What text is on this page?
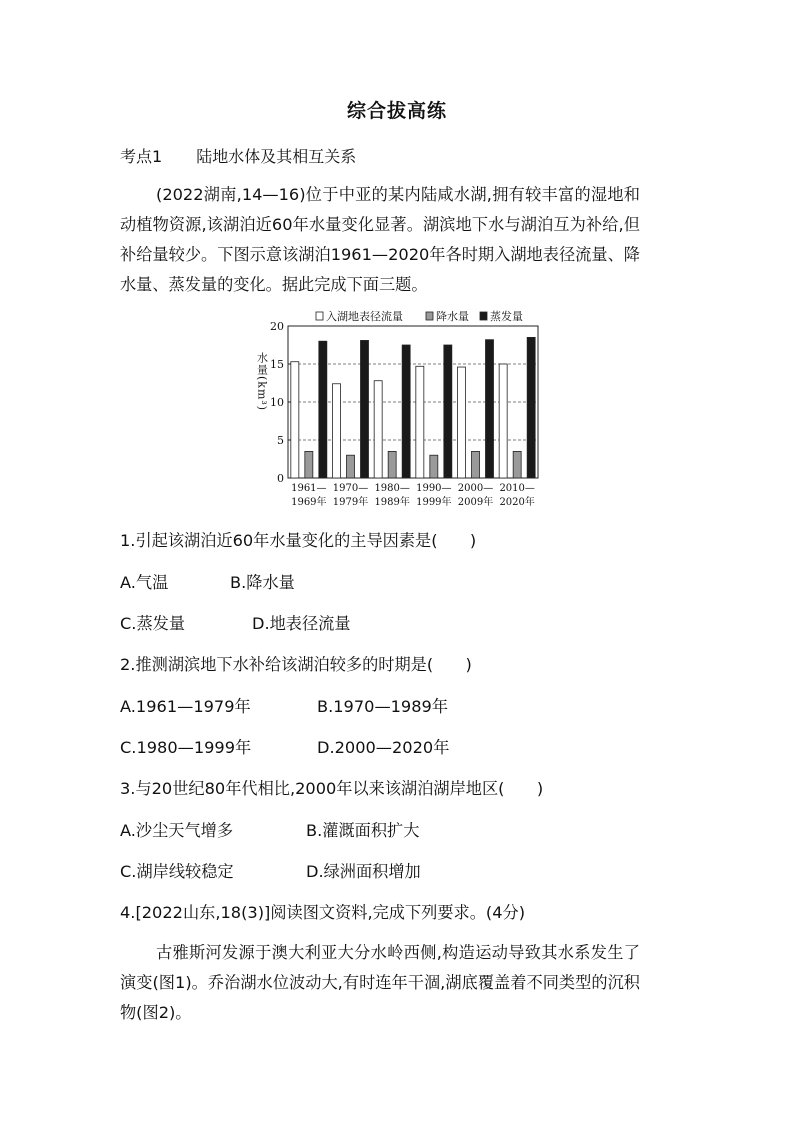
综合拔高练
考点1 陆地水体及其相互关系

(2022湖南,14—16)位于中亚的某内陆咸水湖,拥有较丰富的湿地和动植物资源,该湖泊近60年水量变化显著。湖滨地下水与湖泊互为补给,但补给量较少。下图示意该湖泊1961—2020年各时期入湖地表径流量、降水量、蒸发量的变化。据此完成下面三题。

0
5
10
15
20
水量(km³)
1961—
1969年
1970—
1979年
1980—
1989年
1990—
1999年
2000—
2009年
2010—
2020年
入湖地表径流量	降水量 蒸发量
1.引起该湖泊近60年水量变化的主导因素是(　　)
A.气温	B.降水量
C.蒸发量	D.地表径流量
2.推测湖滨地下水补给该湖泊较多的时期是(　　)
A.1961—1979年	B.1970—1989年
C.1980—1999年	D.2000—2020年
3.与20世纪80年代相比,2000年以来该湖泊湖岸地区(　　)
A.沙尘天气增多	B.灌溉面积扩大
C.湖岸线较稳定	D.绿洲面积增加
4.[2022山东,18(3)]阅读图文资料,完成下列要求。(4分)

古雅斯河发源于澳大利亚大分水岭西侧,构造运动导致其水系发生了演变(图1)。乔治湖水位波动大,有时连年干涸,湖底覆盖着不同类型的沉积物(图2)。
